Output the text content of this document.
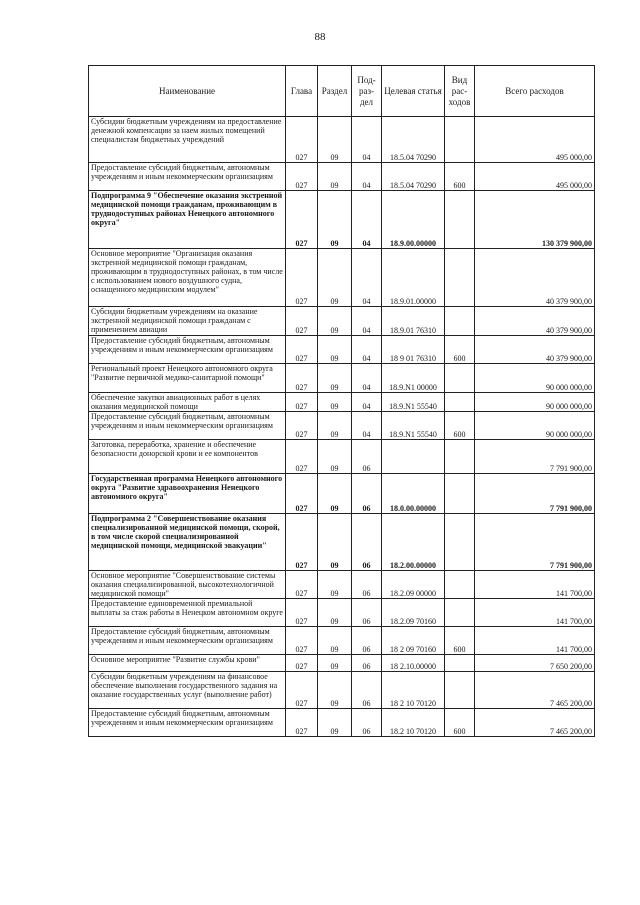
88
Наименование	Глава	Раздел	Под-раз-дел	Целевая статья	Вид рас-ходов	Всего расходов
Субсидии бюджетным учреждениям на предоставление денежной компенсации за наем жилых помещений специалистам бюджетных учреждений	027	09	04	18.5.04 70290		495 000,00
Предоставление субсидий бюджетным, автономным учреждениям и иным некоммерческим организациям	027	09	04	18.5.04 70290	600	495 000,00
Подпрограмма 9 "Обеспечение оказания экстренной медицинской помощи гражданам, проживающим в труднодоступных районах Ненецкого автономного округа"	027	09	04	18.9.00.00000		130 379 900,00
Основное мероприятие "Организация оказания экстренной медицинской помощи гражданам, проживающим в труднодоступных районах, в том числе с использованием нового воздушного судна, оснащенного медицинским модулем"	027	09	04	18.9.01.00000		40 379 900,00
Субсидии бюджетным учреждениям на оказание экстренной медицинской помощи гражданам с применением авиации	027	09	04	18.9.01 76310		40 379 900,00
Предоставление субсидий бюджетным, автономным учреждениям и иным некоммерческим организациям	027	09	04	18 9 01 76310	600	40 379 900,00
Региональный проект Ненецкого автономного округа "Развитие первичной медико-санитарной помощи"	027	09	04	18.9.N1 00000		90 000 000,00
Обеспечение закупки авиационных работ в целях оказания медицинской помощи	027	09	04	18.9.N1 55540		90 000 000,00
Предоставление субсидий бюджетным, автономным учреждениям и иным некоммерческим организациям	027	09	04	18.9.N1 55540	600	90 000 000,00
Заготовка, переработка, хранение и обеспечение безопасности донорской крови и ее компонентов	027	09	06			7 791 900,00
Государственная программа Ненецкого автономного округа "Развитие здравоохранения Ненецкого автономного округа"	027	09	06	18.0.00.00000		7 791 900,00
Подпрограмма 2 "Совершенствование оказания специализированной медицинской помощи, скорой, в том числе скорой специализированной медицинской помощи, медицинской эвакуации"	027	09	06	18.2.00.00000		7 791 900,00
Основное мероприятие "Совершенствование системы оказания специализированной, высокотехнологичной медицинской помощи"	027	09	06	18.2.09 00000		141 700,00
Предоставление единовременной премиальной выплаты за стаж работы в Ненецком автономном округе	027	09	06	18.2.09 70160		141 700,00
Предоставление субсидий бюджетным, автономным учреждениям и иным некоммерческим организациям	027	09	06	18 2 09 70160	600	141 700,00
Основное мероприятие "Развитие службы крови"	027	09	06	18 2.10.00000		7 650 200,00
Субсидии бюджетным учреждениям на финансовое обеспечение выполнения государственного задания на оказание государственных услуг (выполнение работ)	027	09	06	18 2 10 70120		7 465 200,00
Предоставление субсидий бюджетным, автономным учреждениям и иным некоммерческим организациям	027	09	06	18.2 10 70120	600	7 465 200,00
